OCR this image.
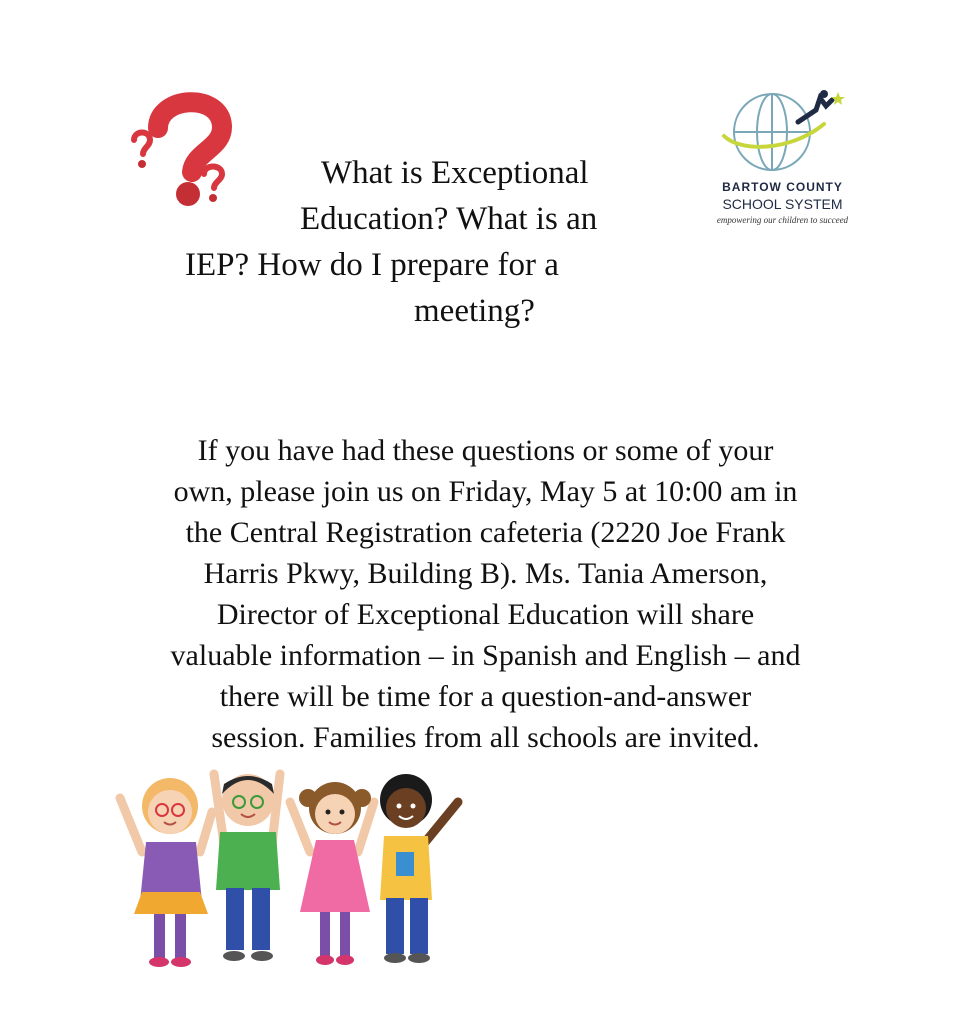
BARTOW COUNTY
SCHOOL SYSTEM
empowering our children to succeed
What is Exceptional
Education? What is an
IEP? How do I prepare for a
meeting?
If you have had these questions or some of your
own, please join us on Friday, May 5 at 10:00 am in
the Central Registration cafeteria (2220 Joe Frank
Harris Pkwy, Building B). Ms. Tania Amerson,
Director of Exceptional Education will share
valuable information – in Spanish and English – and
there will be time for a question-and-answer
session. Families from all schools are invited.
